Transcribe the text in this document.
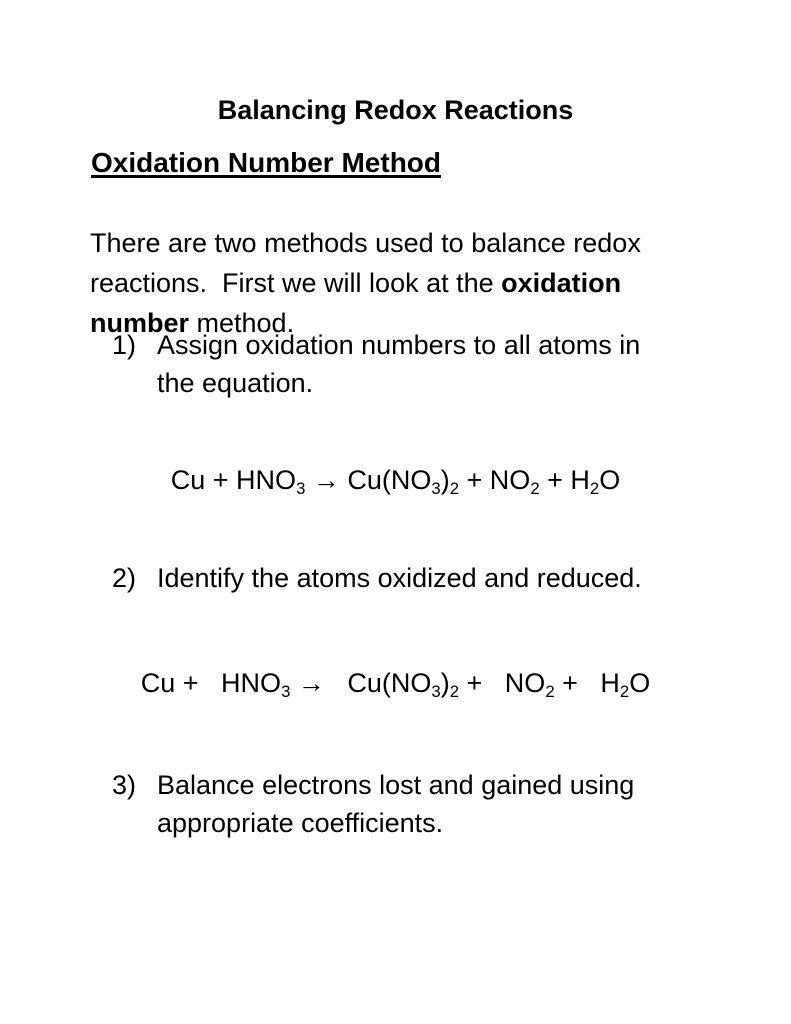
Balancing Redox Reactions
Oxidation Number Method

There are two methods used to balance redox
reactions.  First we will look at the oxidation
number method.

1) Assign oxidation numbers to all atoms in
the equation.
$Cu + HNO_3 \to Cu(NO_3)_2 + NO_2 + H_2O$
2) Identify the atoms oxidized and reduced.
$Cu + HNO_3 \to Cu(NO_3)_2 + NO_2 + H_2O$
3) Balance electrons lost and gained using
appropriate coefficients.
